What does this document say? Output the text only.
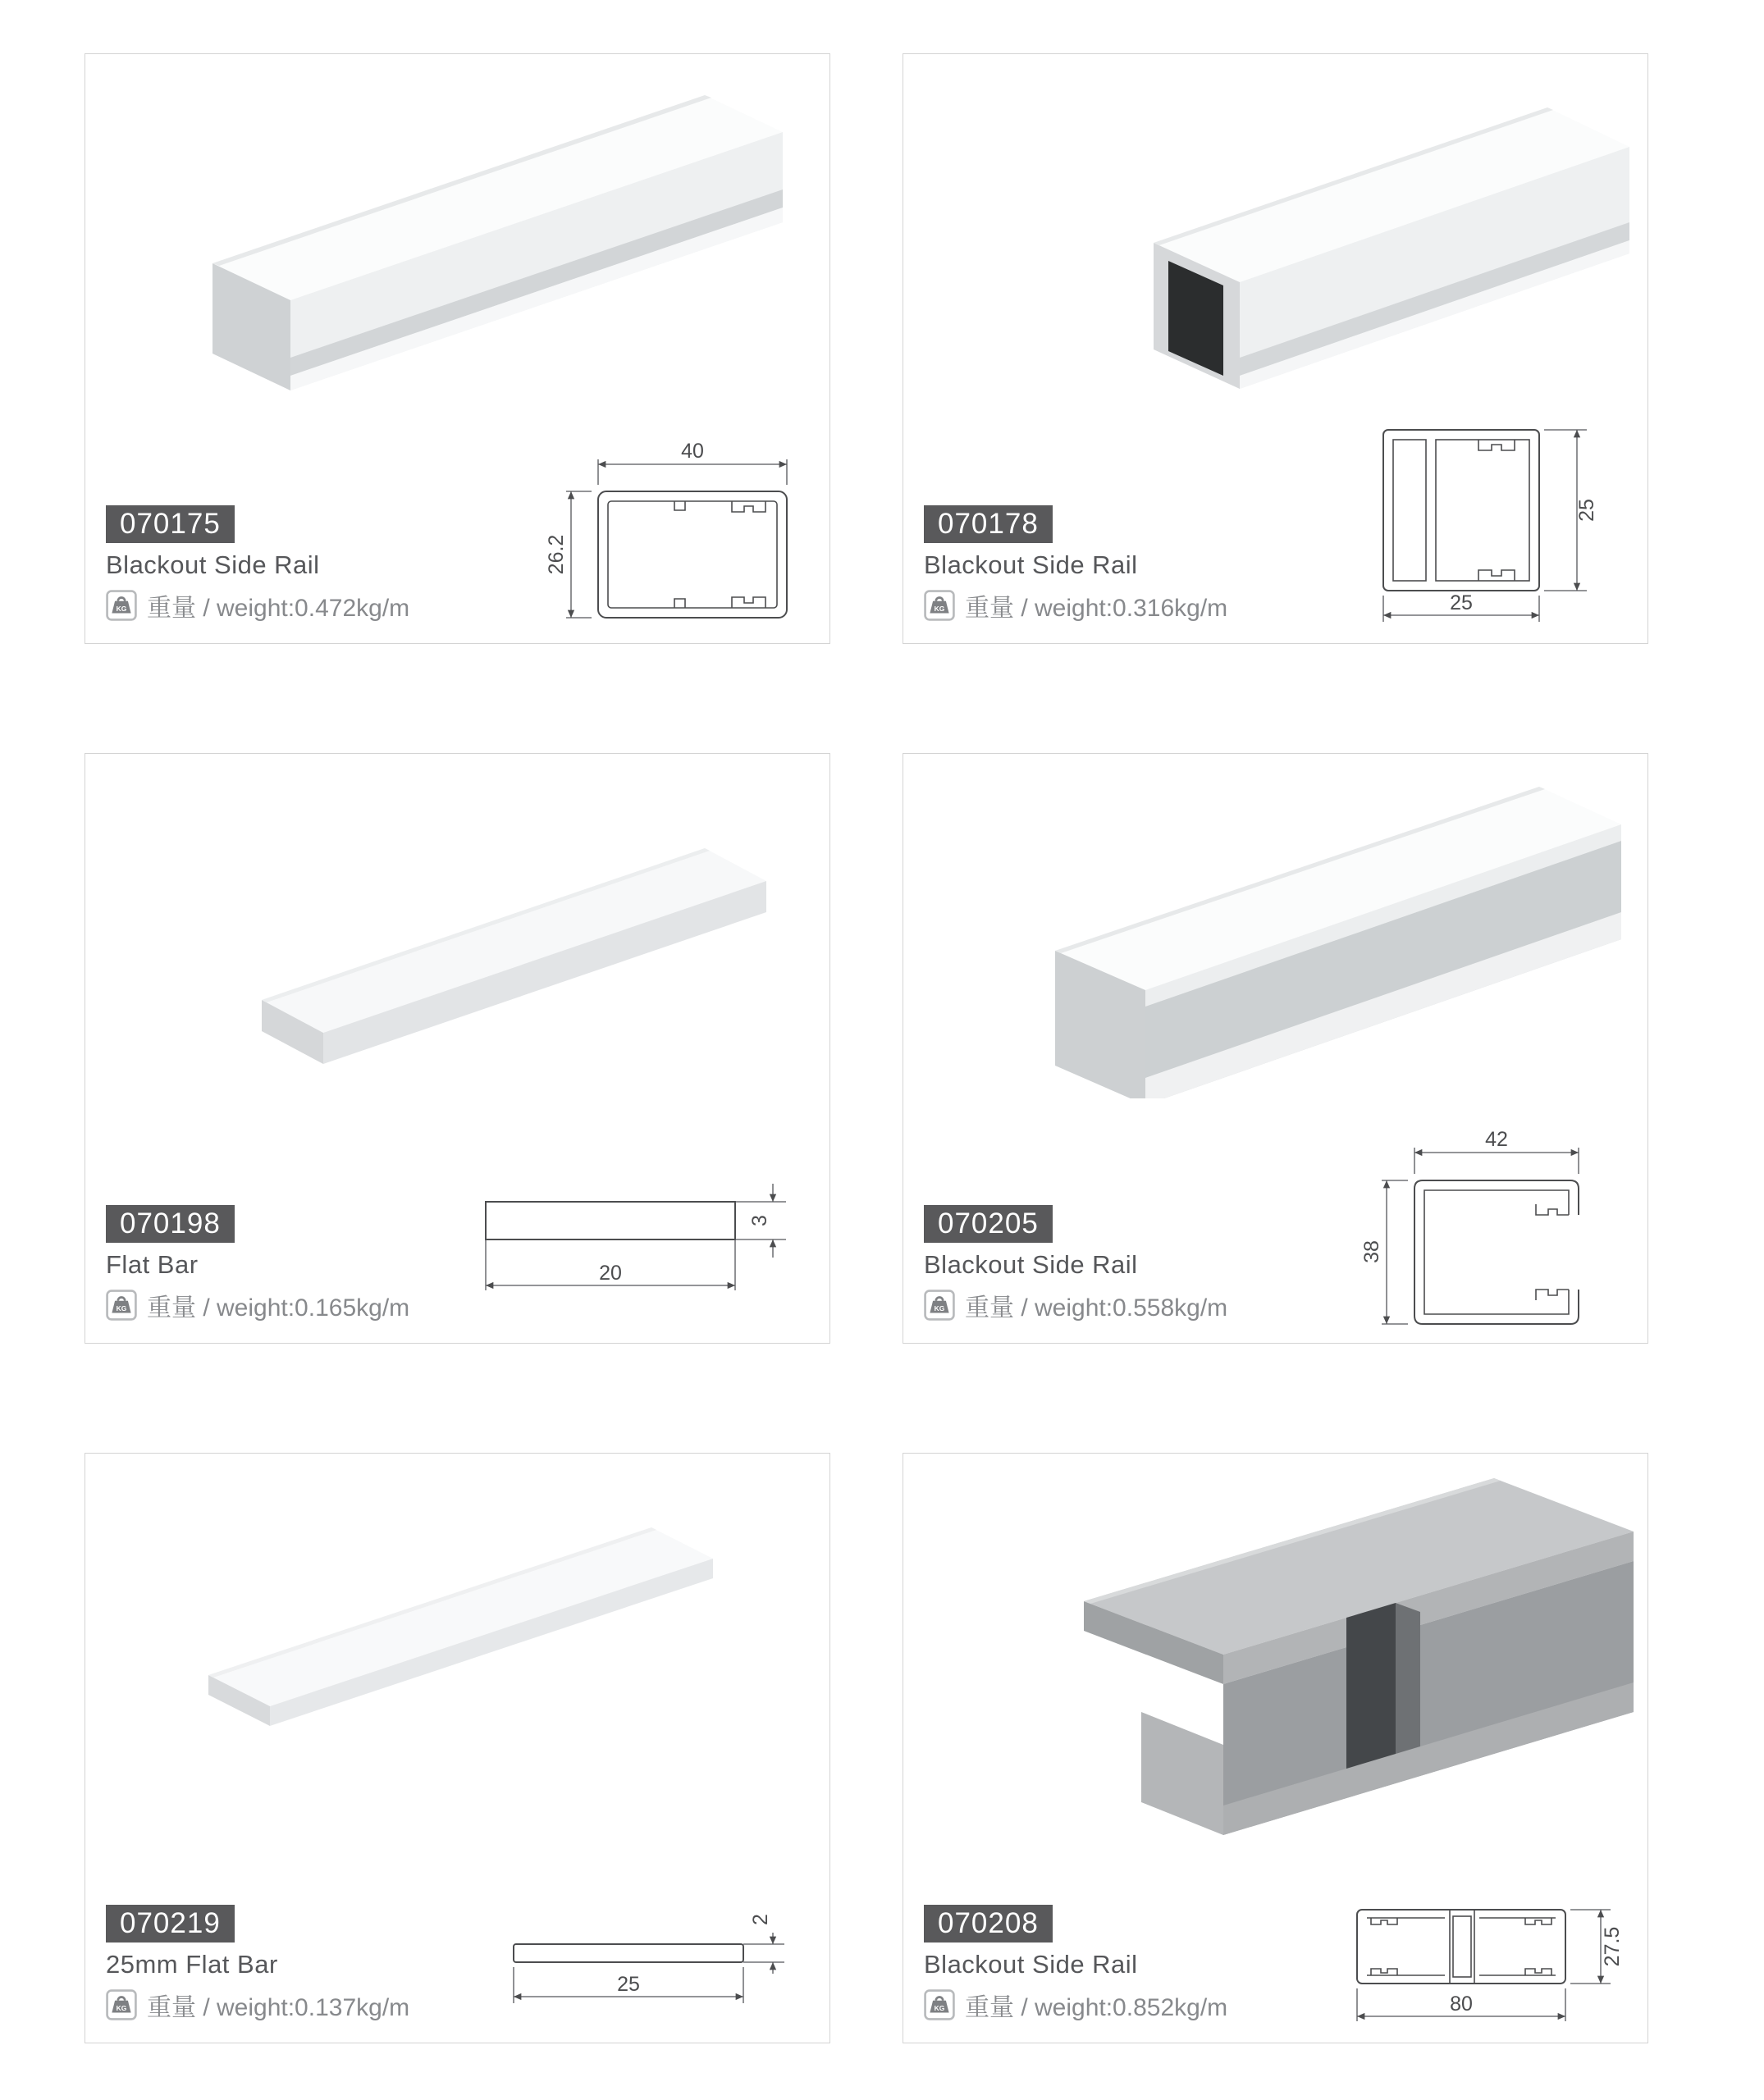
40
26.2
070175
Blackout Side Rail
KG 重量 / weight:0.472kg/m
25
25
070178
Blackout Side Rail
KG 重量 / weight:0.316kg/m
3
20
070198
Flat Bar
KG 重量 / weight:0.165kg/m
42
38
070205
Blackout Side Rail
KG 重量 / weight:0.558kg/m
2
25
070219
25mm Flat Bar
KG 重量 / weight:0.137kg/m
27.5
80
070208
Blackout Side Rail
KG 重量 / weight:0.852kg/m
